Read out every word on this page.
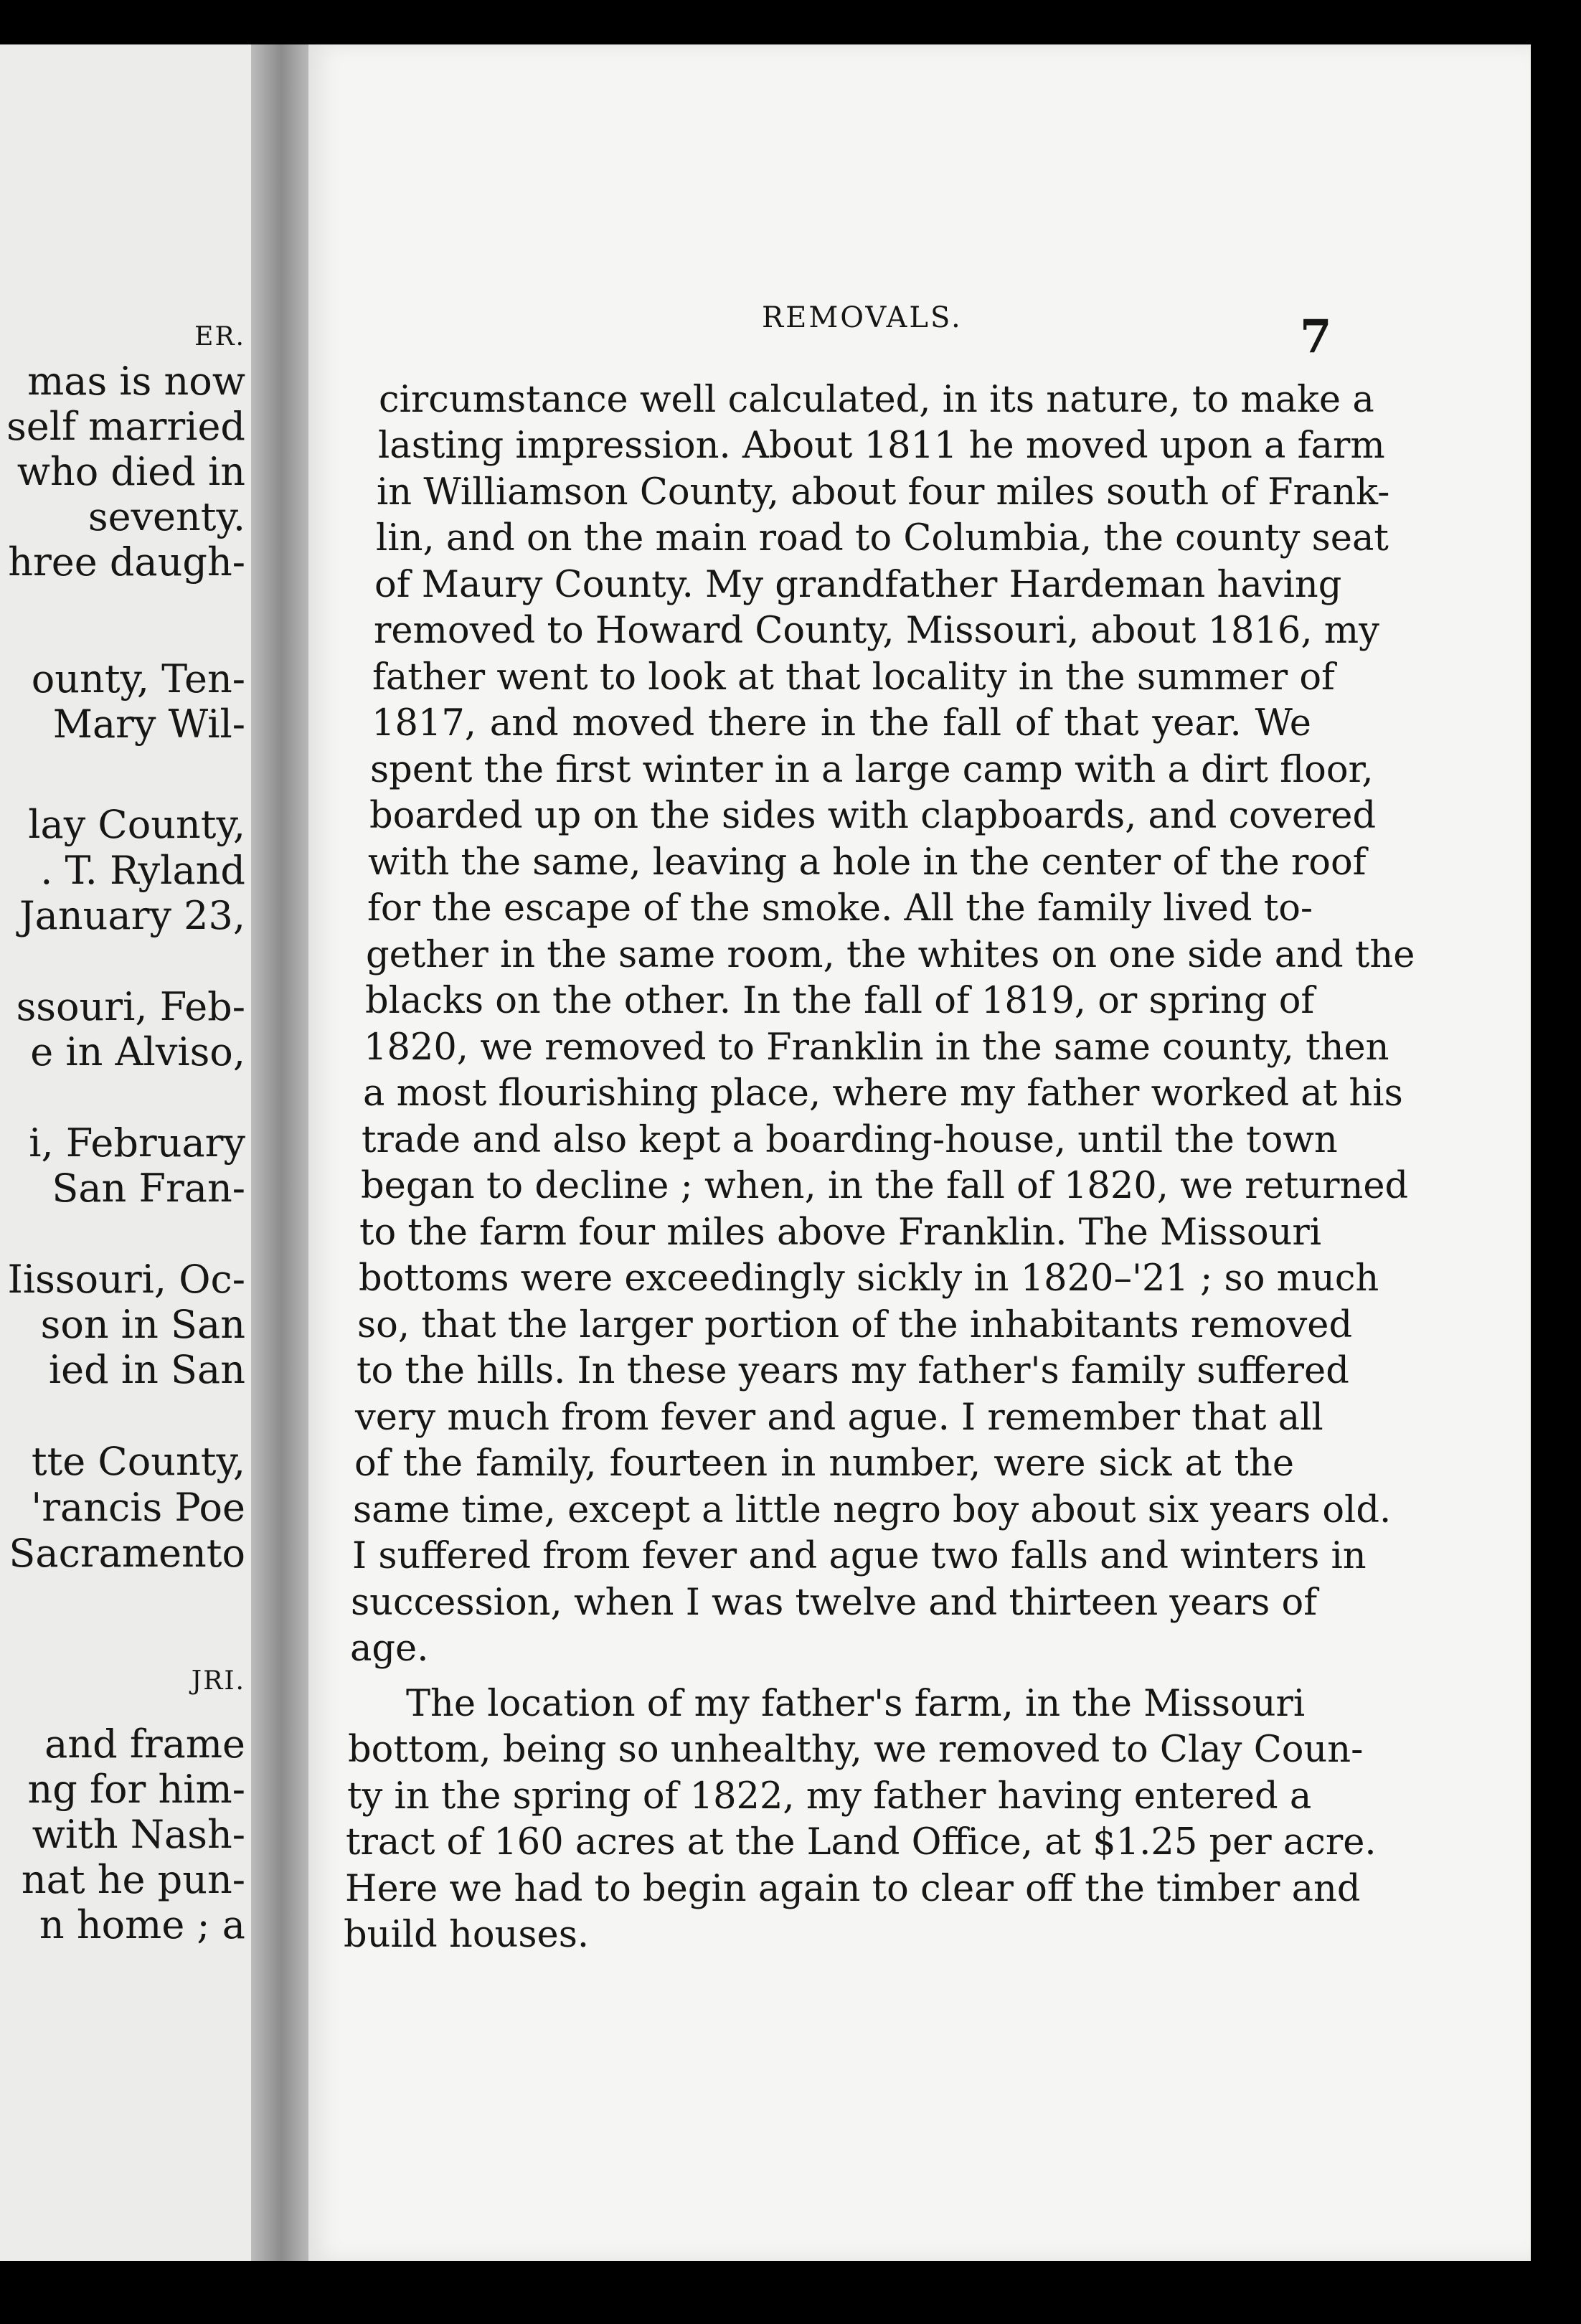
ER.
mas is now
self married
who died in
seventy.
hree daugh-
ounty, Ten-
Mary Wil-
lay County,
. T. Ryland
January 23,
ssouri, Feb-
e in Alviso,
i, February
San Fran-
Iissouri, Oc-
son in San
ied in San
tte County,
'rancis Poe
Sacramento
JRI.
and frame
ng for him-
with Nash-
nat he pun-
n home ; a
REMOVALS.	7
circumstance well calculated, in its nature, to make a
lasting impression. About 1811 he moved upon a farm
in Williamson County, about four miles south of Frank-
lin, and on the main road to Columbia, the county seat
of Maury County. My grandfather Hardeman having
removed to Howard County, Missouri, about 1816, my
father went to look at that locality in the summer of
1817, and moved there in the fall of that year. We
spent the first winter in a large camp with a dirt floor,
boarded up on the sides with clapboards, and covered
with the same, leaving a hole in the center of the roof
for the escape of the smoke. All the family lived to-
gether in the same room, the whites on one side and the
blacks on the other. In the fall of 1819, or spring of
1820, we removed to Franklin in the same county, then
a most flourishing place, where my father worked at his
trade and also kept a boarding-house, until the town
began to decline ; when, in the fall of 1820, we returned
to the farm four miles above Franklin. The Missouri
bottoms were exceedingly sickly in 1820–'21 ; so much
so, that the larger portion of the inhabitants removed
to the hills. In these years my father's family suffered
very much from fever and ague. I remember that all
of the family, fourteen in number, were sick at the
same time, except a little negro boy about six years old.
I suffered from fever and ague two falls and winters in
succession, when I was twelve and thirteen years of
age.
The location of my father's farm, in the Missouri
bottom, being so unhealthy, we removed to Clay Coun-
ty in the spring of 1822, my father having entered a
tract of 160 acres at the Land Office, at $1.25 per acre.
Here we had to begin again to clear off the timber and
build houses.
